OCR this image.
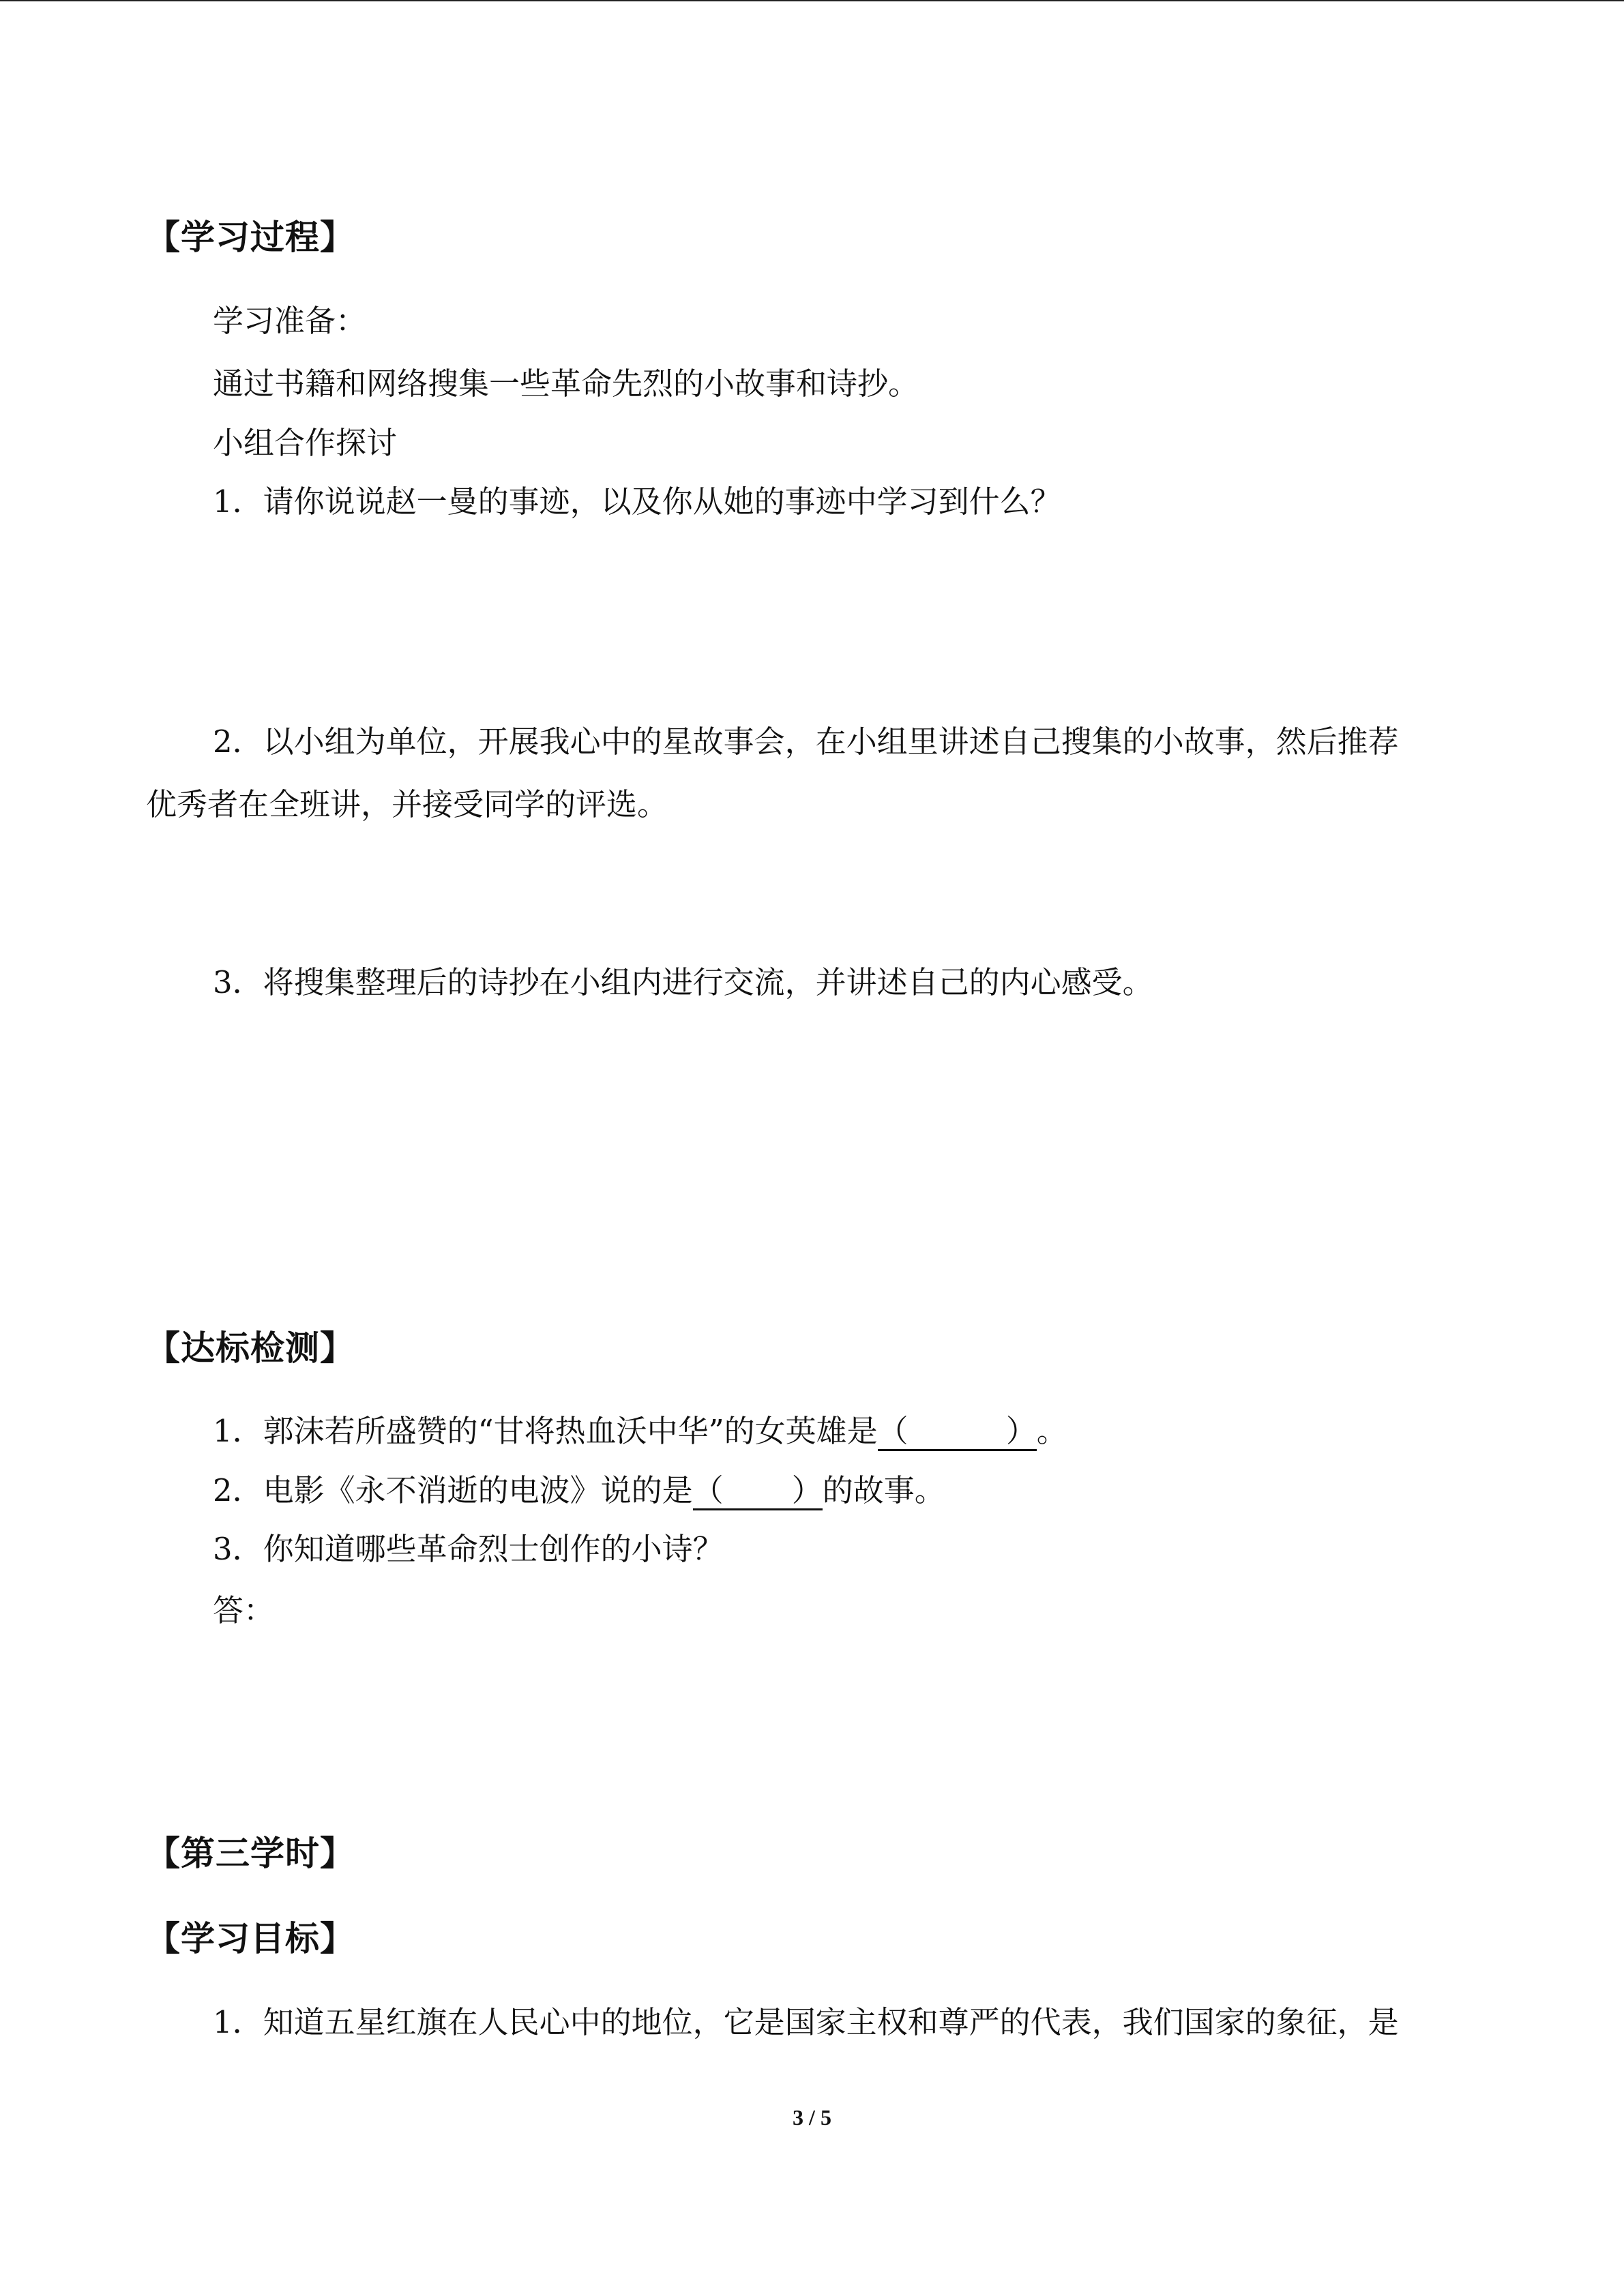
【学习过程】
学习准备：
通过书籍和网络搜集一些革命先烈的小故事和诗抄。
小组合作探讨
1．请你说说赵一曼的事迹，以及你从她的事迹中学习到什么？
2．以小组为单位，开展我心中的星故事会，在小组里讲述自己搜集的小故事，然后推荐
优秀者在全班讲，并接受同学的评选。
3．将搜集整理后的诗抄在小组内进行交流，并讲述自己的内心感受。
【达标检测】
1．郭沫若所盛赞的“甘将热血沃中华”的女英雄是（          ）。
2．电影《永不消逝的电波》说的是（       ）的故事。
3．你知道哪些革命烈士创作的小诗？
答：
【第三学时】
【学习目标】
1．知道五星红旗在人民心中的地位，它是国家主权和尊严的代表，我们国家的象征，是
3 / 5
